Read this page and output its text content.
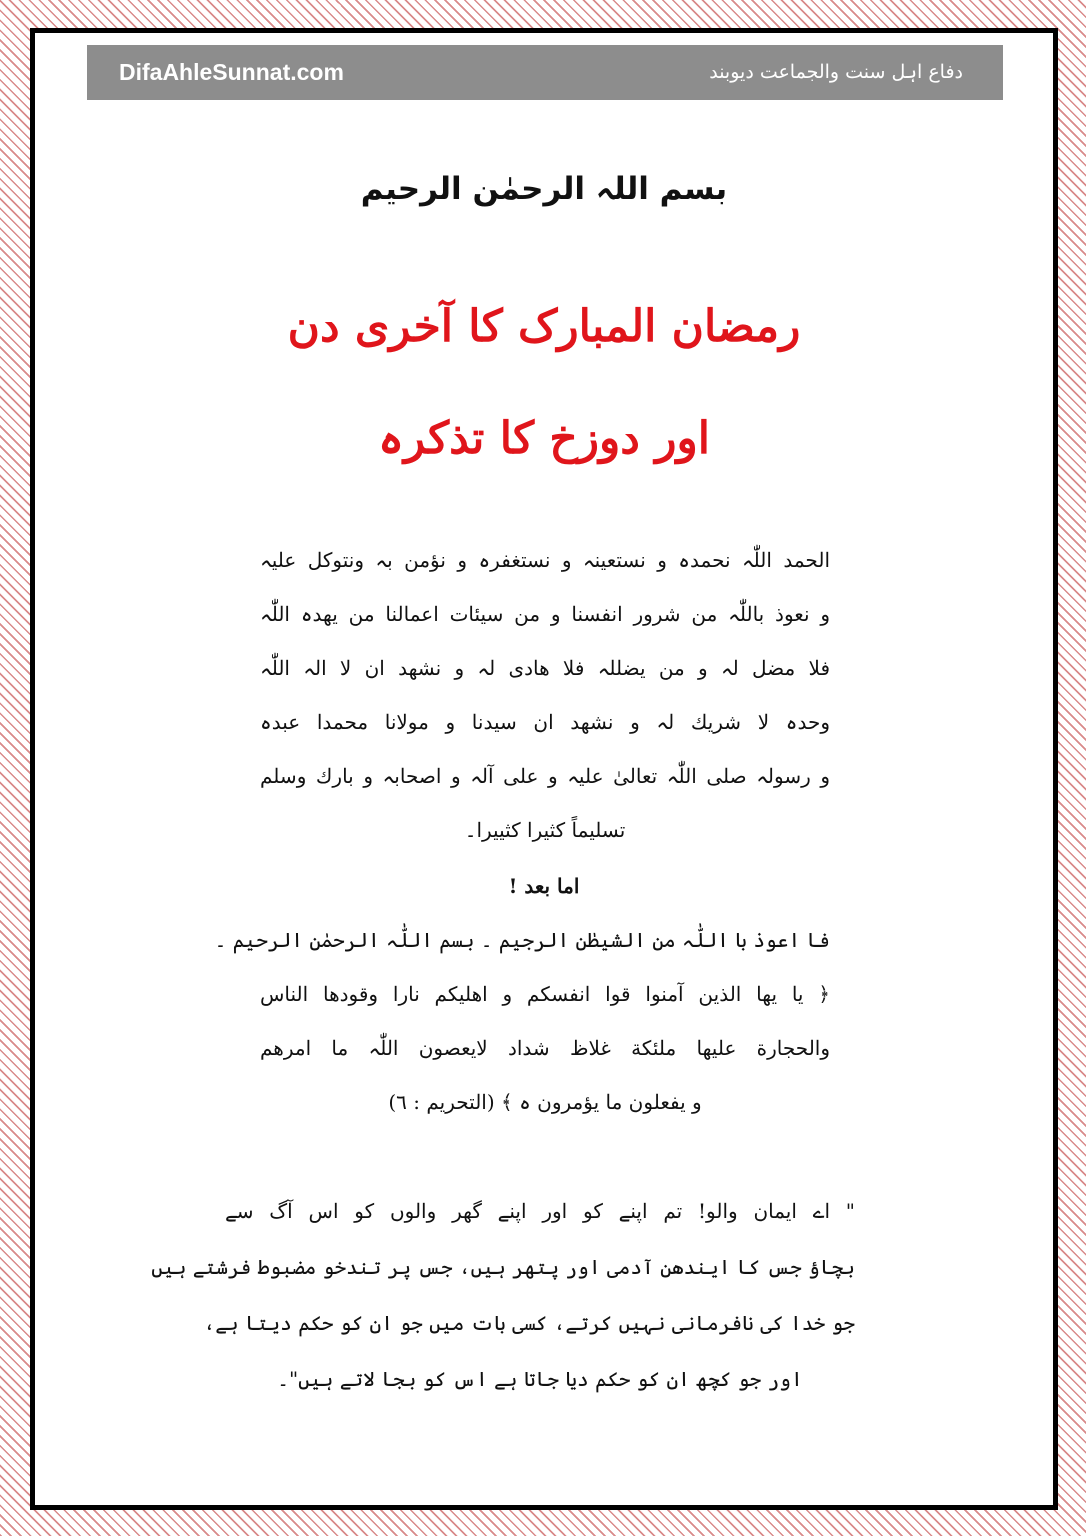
DifaAhleSunnat.com	دفاع اہل سنت والجماعت دیوبند
بسم اللہ الرحمٰن الرحیم
رمضان المبارک کا آخری دن
اور دوزخ کا تذکرہ

الحمد اللّٰہ نحمدہ و نستعینہ و نستغفرہ و نؤمن بہ ونتوکل علیہ

و نعوذ باللّٰہ من شرور انفسنا و من سیئات اعمالنا من یھدہ اللّٰہ

فلا مضل لہ و من یضللہ فلا ھادی لہ و نشھد ان لا الہ اللّٰہ

وحدہ لا شریك لہ و نشھد ان سیدنا و مولانا محمدا عبدہ

و رسولہ صلی اللّٰہ تعالیٰ علیہ و علی آلہ و اصحابہ و بارك وسلم

تسلیماً کثیرا کثییرا۔

اما بعد !

فا اعوذ با اللّٰہ من الشیطٰن الرجیم ۔ بسم اللّٰہ الرحمٰن الرحیم ۔

﴿ یا یھا الذین آمنوا قوا انفسکم و اھلیکم نارا وقودھا الناس

والحجارة علیھا ملئکة غلاظ شداد لایعصون اللّٰہ ما امرھم

و یفعلون ما یؤمرون ہ ﴾ (التحریم : ٦)

" اے ایمان والو! تم اپنے کو اور اپنے گھر والوں کو اس آگ سے

بچاؤ جس کا ایندھن آدمی اور پتھر ہیں، جس پر تندخو مضبوط فرشتے ہیں

جو خدا کی نافرمانی نہیں کرتے، کسی بات میں جو ان کو حکم دیتا ہے،

اور جو کچھ ان کو حکم دیا جاتا ہے اس کو بجا لاتے ہیں"۔
